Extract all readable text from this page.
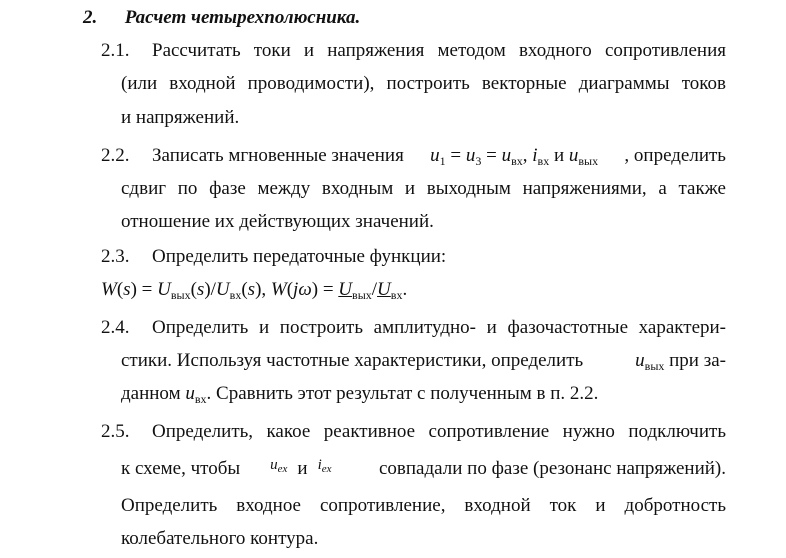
2. Расчет четырехполюсника.
2.1. Рассчитать токи и напряжения методом входного сопротивления
(или входной проводимости), построить векторные диаграммы токов
и напряжений.
2.2.	Записать мгновенные значения $u_1 = u_3 = u_{вх}$, $i_{вх}$ и $u_{вых}$ , определить
сдвиг по фазе между входным и выходным напряжениями, а также
отношение их действующих значений.
2.3. Определить передаточные функции:
$W(s) = U_{вых}(s)/U_{вх}(s)$, $W(j\omega) = U_{вых}/U_{вх}$.
2.4. Определить и построить амплитудно- и фазочастотные характери-
стики. Используя частотные характеристики, определить	$u_{вых}$ при за-
данном $u_{вх}$. Сравнить этот результат с полученным в п. 2.2.
2.5. Определить, какое реактивное сопротивление нужно подключить
к схеме, чтобы $u_{ex}$ и $i_{ex}$	совпадали по фазе (резонанс напряжений).
Определить входное сопротивление, входной ток и добротность
колебательного контура.
